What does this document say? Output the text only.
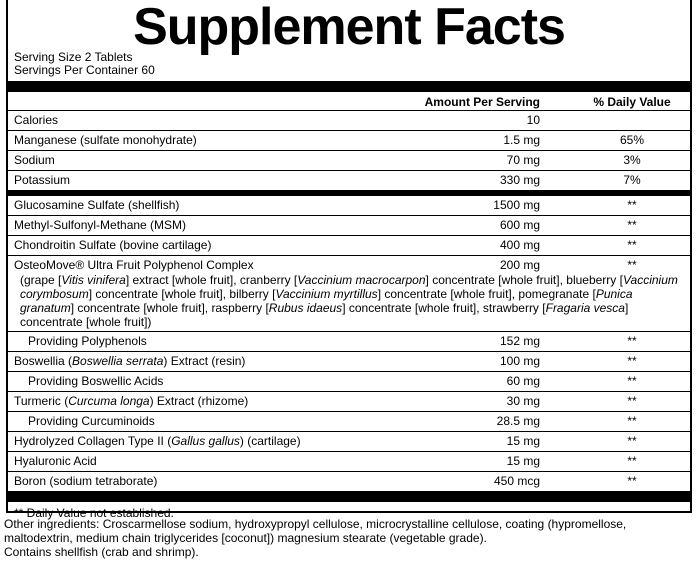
Supplement Facts
Serving Size 2 Tablets
Servings Per Container 60
Amount Per Serving	% Daily Value
Calories	10
Manganese (sulfate monohydrate)	1.5 mg	65%
Sodium	70 mg	3%
Potassium	330 mg	7%
Glucosamine Sulfate (shellfish)	1500 mg	**
Methyl-Sulfonyl-Methane (MSM)	600 mg	**
Chondroitin Sulfate (bovine cartilage)	400 mg	**
OsteoMove® Ultra Fruit Polyphenol Complex	200 mg	**
(grape [Vitis vinifera] extract [whole fruit], cranberry [Vaccinium macrocarpon] concentrate [whole fruit], blueberry [Vaccinium corymbosum] concentrate [whole fruit], bilberry [Vaccinium myrtillus] concentrate [whole fruit], pomegranate [Punica granatum] concentrate [whole fruit], raspberry [Rubus idaeus] concentrate [whole fruit], strawberry [Fragaria vesca] concentrate [whole fruit])
Providing Polyphenols	152 mg	**
Boswellia (Boswellia serrata) Extract (resin)	100 mg	**
Providing Boswellic Acids	60 mg	**
Turmeric (Curcuma longa) Extract (rhizome)	30 mg	**
Providing Curcuminoids	28.5 mg	**
Hydrolyzed Collagen Type II (Gallus gallus) (cartilage)	15 mg	**
Hyaluronic Acid	15 mg	**
Boron (sodium tetraborate)	450 mcg	**
** Daily Value not established.
Other ingredients: Croscarmellose sodium, hydroxypropyl cellulose, microcrystalline cellulose, coating (hypromellose, maltodextrin, medium chain triglycerides [coconut]) magnesium stearate (vegetable grade).
Contains shellfish (crab and shrimp).
